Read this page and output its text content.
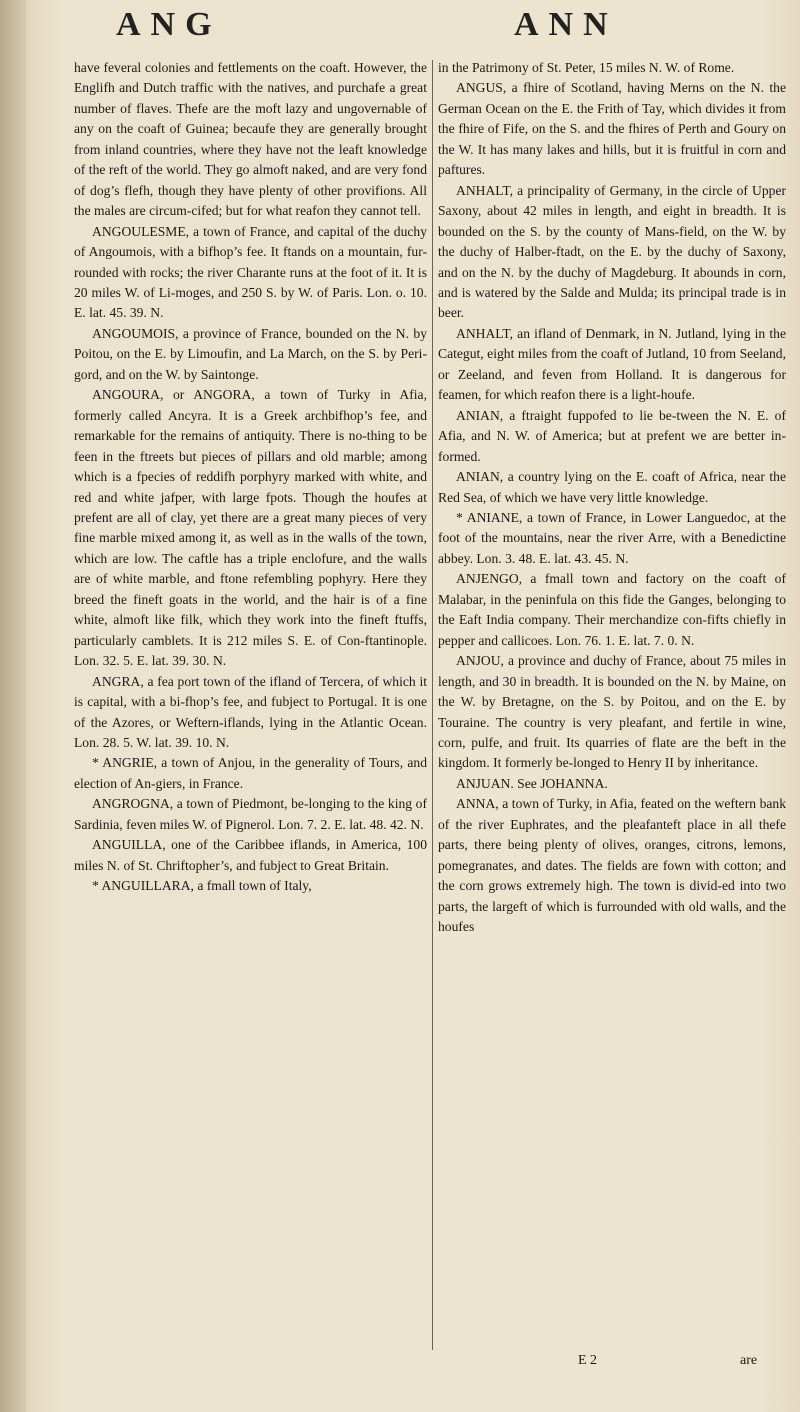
ANG	ANN

have feveral colonies and fettlements on the coaft. However, the Englifh and Dutch traffic with the natives, and purchafe a great number of flaves. Thefe are the moft lazy and ungovernable of any on the coaft of Guinea; becaufe they are generally brought from inland countries, where they have not the leaft knowledge of the reft of the world. They go almoft naked, and are very fond of dog’s flefh, though they have plenty of other provifions. All the males are circum-cifed; but for what reafon they cannot tell.

ANGOULESME, a town of France, and capital of the duchy of Angoumois, with a bifhop’s fee. It ftands on a mountain, fur-rounded with rocks; the river Charante runs at the foot of it. It is 20 miles W. of Li-moges, and 250 S. by W. of Paris. Lon. o. 10. E. lat. 45. 39. N.

ANGOUMOIS, a province of France, bounded on the N. by Poitou, on the E. by Limoufin, and La March, on the S. by Peri-gord, and on the W. by Saintonge.

ANGOURA, or ANGORA, a town of Turky in Afia, formerly called Ancyra. It is a Greek archbifhop’s fee, and remarkable for the remains of antiquity. There is no-thing to be feen in the ftreets but pieces of pillars and old marble; among which is a fpecies of reddifh porphyry marked with white, and red and white jafper, with large fpots. Though the houfes at prefent are all of clay, yet there are a great many pieces of very fine marble mixed among it, as well as in the walls of the town, which are low. The caftle has a triple enclofure, and the walls are of white marble, and ftone refembling pophyry. Here they breed the fineft goats in the world, and the hair is of a fine white, almoft like filk, which they work into the fineft ftuffs, particularly camblets. It is 212 miles S. E. of Con-ftantinople. Lon. 32. 5. E. lat. 39. 30. N.

ANGRA, a fea port town of the ifland of Tercera, of which it is capital, with a bi-fhop’s fee, and fubject to Portugal. It is one of the Azores, or Weftern-iflands, lying in the Atlantic Ocean. Lon. 28. 5. W. lat. 39. 10. N.

* ANGRIE, a town of Anjou, in the generality of Tours, and election of An-giers, in France.

ANGROGNA, a town of Piedmont, be-longing to the king of Sardinia, feven miles W. of Pignerol. Lon. 7. 2. E. lat. 48. 42. N.

ANGUILLA, one of the Caribbee iflands, in America, 100 miles N. of St. Chriftopher’s, and fubject to Great Britain.

* ANGUILLARA, a fmall town of Italy,

in the Patrimony of St. Peter, 15 miles N. W. of Rome.

ANGUS, a fhire of Scotland, having Merns on the N. the German Ocean on the E. the Frith of Tay, which divides it from the fhire of Fife, on the S. and the fhires of Perth and Goury on the W. It has many lakes and hills, but it is fruitful in corn and paftures.

ANHALT, a principality of Germany, in the circle of Upper Saxony, about 42 miles in length, and eight in breadth. It is bounded on the S. by the county of Mans-field, on the W. by the duchy of Halber-ftadt, on the E. by the duchy of Saxony, and on the N. by the duchy of Magdeburg. It abounds in corn, and is watered by the Salde and Mulda; its principal trade is in beer.

ANHALT, an ifland of Denmark, in N. Jutland, lying in the Categut, eight miles from the coaft of Jutland, 10 from Seeland, or Zeeland, and feven from Holland. It is dangerous for feamen, for which reafon there is a light-houfe.

ANIAN, a ftraight fuppofed to lie be-tween the N. E. of Afia, and N. W. of America; but at prefent we are better in-formed.

ANIAN, a country lying on the E. coaft of Africa, near the Red Sea, of which we have very little knowledge.

* ANIANE, a town of France, in Lower Languedoc, at the foot of the mountains, near the river Arre, with a Benedictine abbey. Lon. 3. 48. E. lat. 43. 45. N.

ANJENGO, a fmall town and factory on the coaft of Malabar, in the peninfula on this fide the Ganges, belonging to the Eaft India company. Their merchandize con-fifts chiefly in pepper and callicoes. Lon. 76. 1. E. lat. 7. 0. N.

ANJOU, a province and duchy of France, about 75 miles in length, and 30 in breadth. It is bounded on the N. by Maine, on the W. by Bretagne, on the S. by Poitou, and on the E. by Touraine. The country is very pleafant, and fertile in wine, corn, pulfe, and fruit. Its quarries of flate are the beft in the kingdom. It formerly be-longed to Henry II by inheritance.

ANJUAN. See JOHANNA.

ANNA, a town of Turky, in Afia, feated on the weftern bank of the river Euphrates, and the pleafanteft place in all thefe parts, there being plenty of olives, oranges, citrons, lemons, pomegranates, and dates. The fields are fown with cotton; and the corn grows extremely high. The town is divid-ed into two parts, the largeft of which is furrounded with old walls, and the houfes

E 2	are
